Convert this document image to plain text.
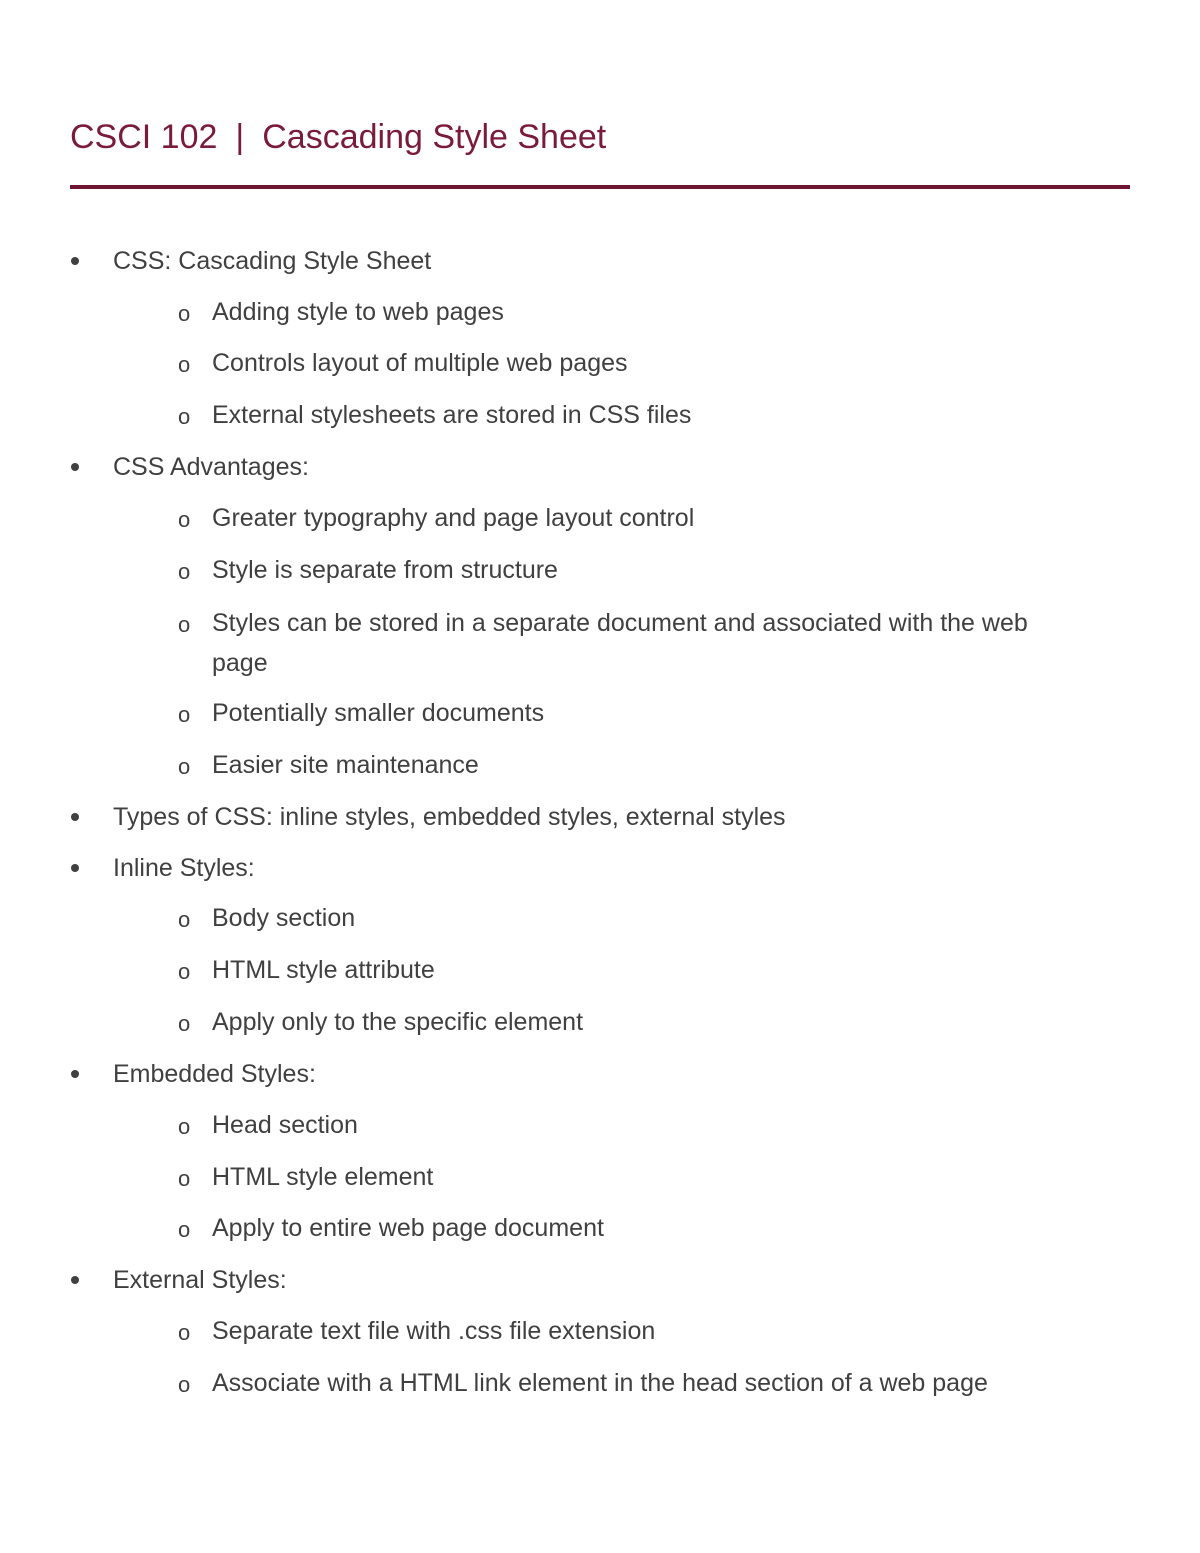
CSCI 102 | Cascading Style Sheet
CSS: Cascading Style Sheet
o Adding style to web pages
o Controls layout of multiple web pages
o External stylesheets are stored in CSS files
CSS Advantages:
o Greater typography and page layout control
o Style is separate from structure
o Styles can be stored in a separate document and associated with the web
page
o Potentially smaller documents
o Easier site maintenance
Types of CSS: inline styles, embedded styles, external styles
Inline Styles:
o Body section
o HTML style attribute
o Apply only to the specific element
Embedded Styles:
o Head section
o HTML style element
o Apply to entire web page document
External Styles:
o Separate text file with .css file extension
o Associate with a HTML link element in the head section of a web page
